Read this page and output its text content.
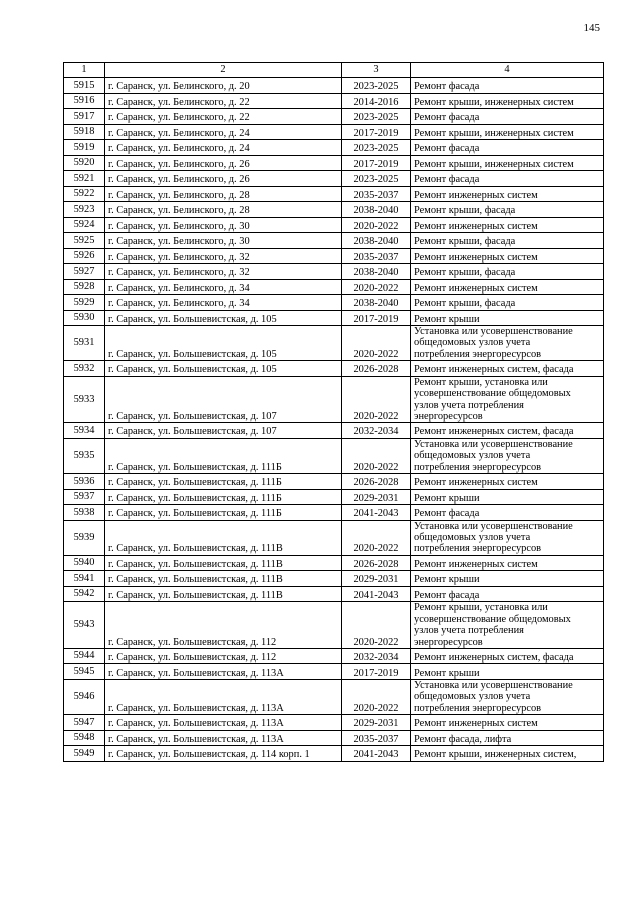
145
1	2	3	4
5915	г. Саранск, ул. Белинского, д. 20	2023-2025	Ремонт фасада
5916	г. Саранск, ул. Белинского, д. 22	2014-2016	Ремонт крыши, инженерных систем
5917	г. Саранск, ул. Белинского, д. 22	2023-2025	Ремонт фасада
5918	г. Саранск, ул. Белинского, д. 24	2017-2019	Ремонт крыши, инженерных систем
5919	г. Саранск, ул. Белинского, д. 24	2023-2025	Ремонт фасада
5920	г. Саранск, ул. Белинского, д. 26	2017-2019	Ремонт крыши, инженерных систем
5921	г. Саранск, ул. Белинского, д. 26	2023-2025	Ремонт фасада
5922	г. Саранск, ул. Белинского, д. 28	2035-2037	Ремонт инженерных систем
5923	г. Саранск, ул. Белинского, д. 28	2038-2040	Ремонт крыши, фасада
5924	г. Саранск, ул. Белинского, д. 30	2020-2022	Ремонт инженерных систем
5925	г. Саранск, ул. Белинского, д. 30	2038-2040	Ремонт крыши, фасада
5926	г. Саранск, ул. Белинского, д. 32	2035-2037	Ремонт инженерных систем
5927	г. Саранск, ул. Белинского, д. 32	2038-2040	Ремонт крыши, фасада
5928	г. Саранск, ул. Белинского, д. 34	2020-2022	Ремонт инженерных систем
5929	г. Саранск, ул. Белинского, д. 34	2038-2040	Ремонт крыши, фасада
5930	г. Саранск, ул. Большевистская, д. 105	2017-2019	Ремонт крыши
5931	г. Саранск, ул. Большевистская, д. 105	2020-2022	Установка или усовершенствование
общедомовых узлов учета
потребления энергоресурсов
5932	г. Саранск, ул. Большевистская, д. 105	2026-2028	Ремонт инженерных систем, фасада
5933	г. Саранск, ул. Большевистская, д. 107	2020-2022	Ремонт крыши, установка или
усовершенствование общедомовых
узлов учета потребления
энергоресурсов
5934	г. Саранск, ул. Большевистская, д. 107	2032-2034	Ремонт инженерных систем, фасада
5935	г. Саранск, ул. Большевистская, д. 111Б	2020-2022	Установка или усовершенствование
общедомовых узлов учета
потребления энергоресурсов
5936	г. Саранск, ул. Большевистская, д. 111Б	2026-2028	Ремонт инженерных систем
5937	г. Саранск, ул. Большевистская, д. 111Б	2029-2031	Ремонт крыши
5938	г. Саранск, ул. Большевистская, д. 111Б	2041-2043	Ремонт фасада
5939	г. Саранск, ул. Большевистская, д. 111В	2020-2022	Установка или усовершенствование
общедомовых узлов учета
потребления энергоресурсов
5940	г. Саранск, ул. Большевистская, д. 111В	2026-2028	Ремонт инженерных систем
5941	г. Саранск, ул. Большевистская, д. 111В	2029-2031	Ремонт крыши
5942	г. Саранск, ул. Большевистская, д. 111В	2041-2043	Ремонт фасада
5943	г. Саранск, ул. Большевистская, д. 112	2020-2022	Ремонт крыши, установка или
усовершенствование общедомовых
узлов учета потребления
энергоресурсов
5944	г. Саранск, ул. Большевистская, д. 112	2032-2034	Ремонт инженерных систем, фасада
5945	г. Саранск, ул. Большевистская, д. 113А	2017-2019	Ремонт крыши
5946	г. Саранск, ул. Большевистская, д. 113А	2020-2022	Установка или усовершенствование
общедомовых узлов учета
потребления энергоресурсов
5947	г. Саранск, ул. Большевистская, д. 113А	2029-2031	Ремонт инженерных систем
5948	г. Саранск, ул. Большевистская, д. 113А	2035-2037	Ремонт фасада, лифта
5949	г. Саранск, ул. Большевистская, д. 114 корп. 1	2041-2043	Ремонт крыши, инженерных систем,
